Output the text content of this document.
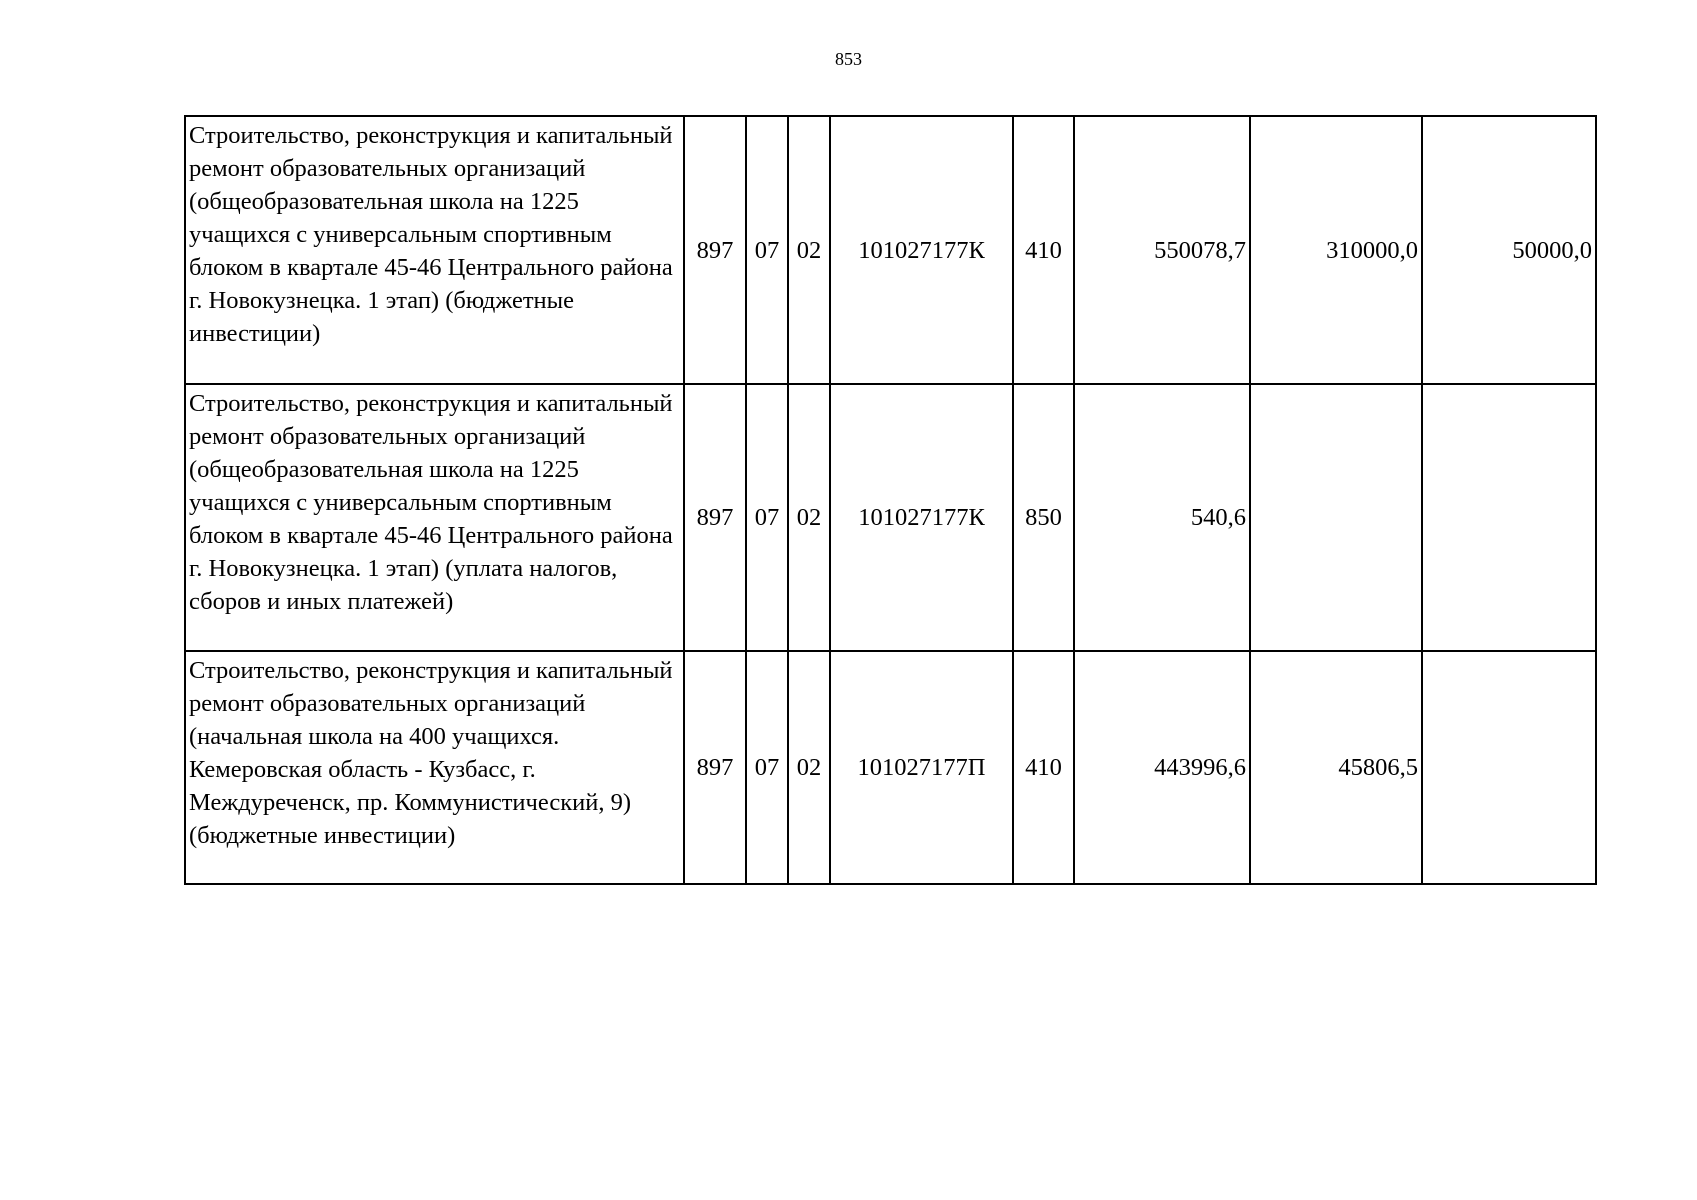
853
Строительство, реконструкция и капитальный ремонт образовательных организаций (общеобразовательная школа на 1225 учащихся с универсальным спортивным блоком в квартале 45-46 Центрального района г. Новокузнецка. 1 этап) (бюджетные инвестиции)	897	07	02	101027177К	410	550078,7	310000,0	50000,0
Строительство, реконструкция и капитальный ремонт образовательных организаций (общеобразовательная школа на 1225 учащихся с универсальным спортивным блоком в квартале 45-46 Центрального района г. Новокузнецка. 1 этап) (уплата налогов, сборов и иных платежей)	897	07	02	101027177К	850	540,6		
Строительство, реконструкция и капитальный ремонт образовательных организаций (начальная школа на 400 учащихся. Кемеровская область - Кузбасс, г. Междуреченск, пр. Коммунистический, 9) (бюджетные инвестиции)	897	07	02	101027177П	410	443996,6	45806,5	
